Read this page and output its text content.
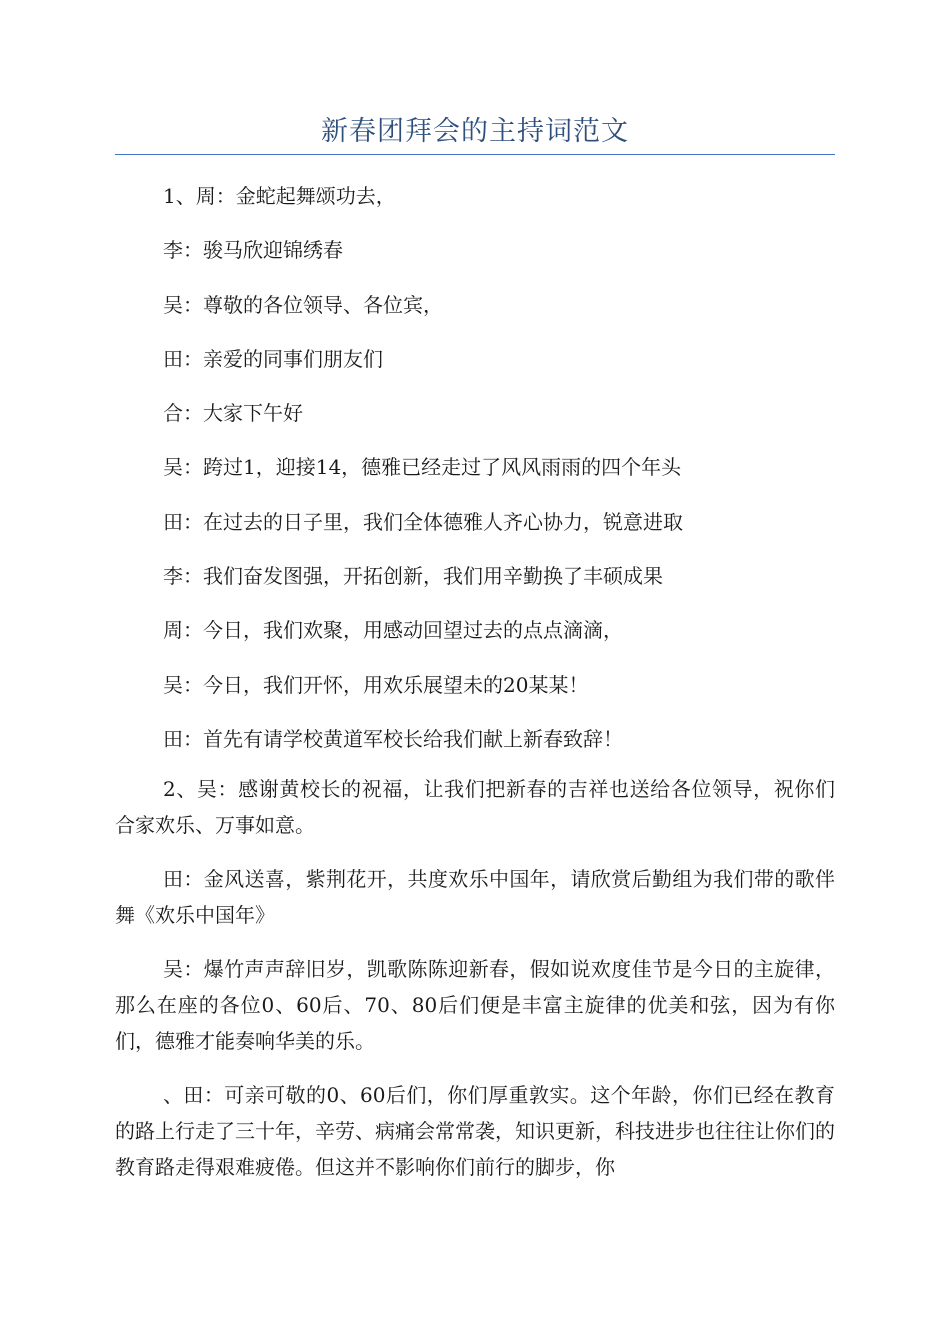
新春团拜会的主持词范文
1、周：金蛇起舞颂功去，
李：骏马欣迎锦绣春
吴：尊敬的各位领导、各位宾，
田：亲爱的同事们朋友们
合：大家下午好
吴：跨过1，迎接14，德雅已经走过了风风雨雨的四个年头
田：在过去的日子里，我们全体德雅人齐心协力，锐意进取
李：我们奋发图强，开拓创新，我们用辛勤换了丰硕成果
周：今日，我们欢聚，用感动回望过去的点点滴滴，
吴：今日，我们开怀，用欢乐展望未的20某某！
田：首先有请学校黄道军校长给我们献上新春致辞！

2、吴：感谢黄校长的祝福，让我们把新春的吉祥也送给各位领导，祝你们合家欢乐、万事如意。

田：金风送喜，紫荆花开，共度欢乐中国年，请欣赏后勤组为我们带的歌伴舞《欢乐中国年》

吴：爆竹声声辞旧岁，凯歌陈陈迎新春，假如说欢度佳节是今日的主旋律，那么在座的各位0、60后、70、80后们便是丰富主旋律的优美和弦，因为有你们，德雅才能奏响华美的乐。

、田：可亲可敬的0、60后们，你们厚重敦实。这个年龄，你们已经在教育的路上行走了三十年，辛劳、病痛会常常袭，知识更新，科技进步也往往让你们的教育路走得艰难疲倦。但这并不影响你们前行的脚步，你
